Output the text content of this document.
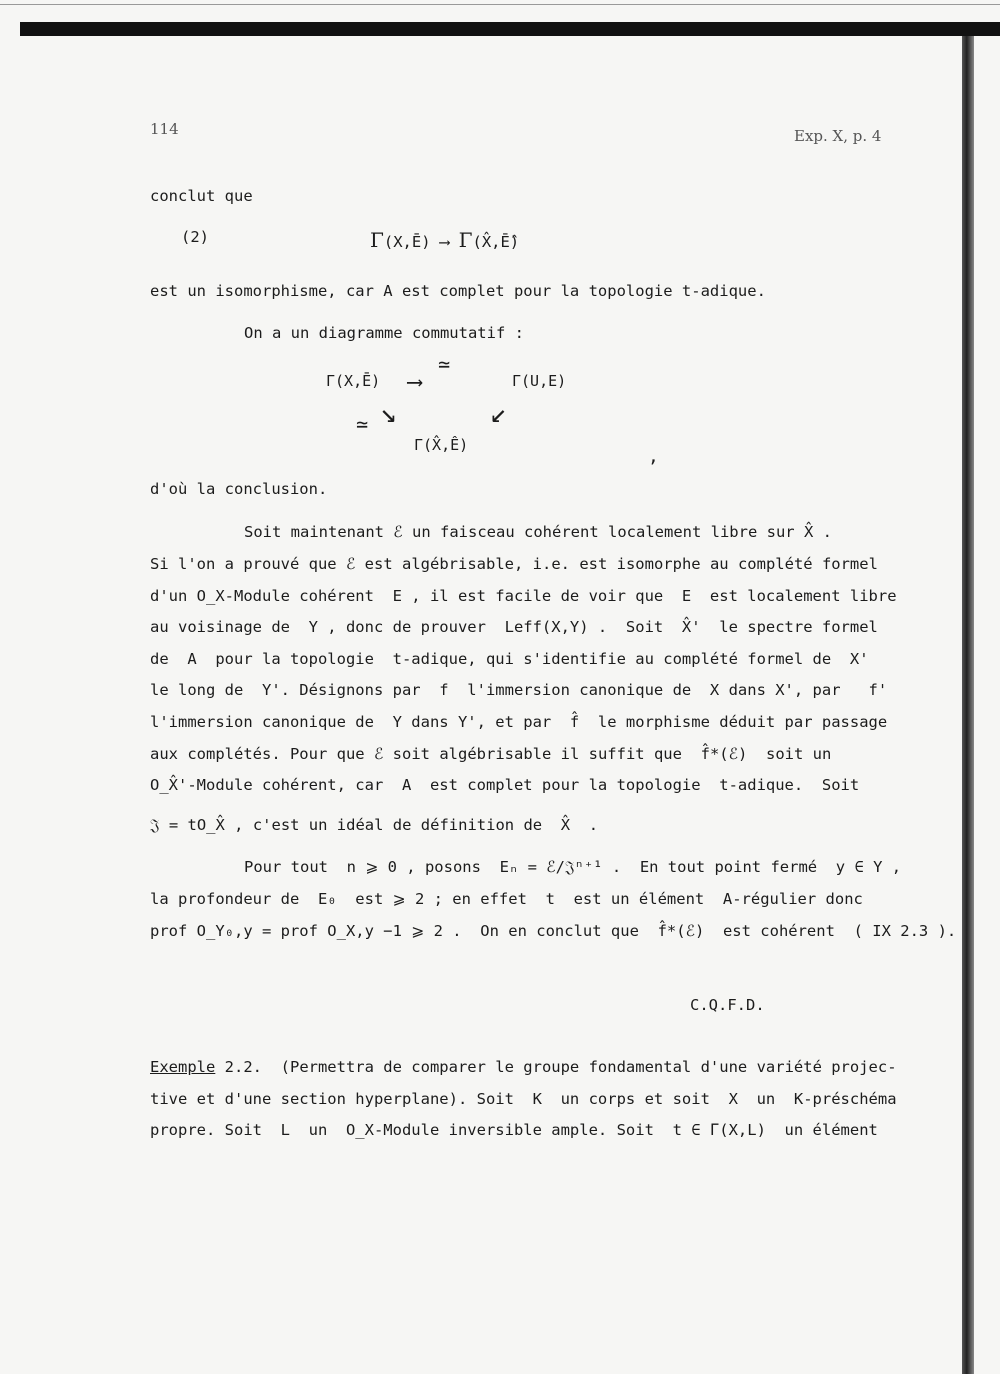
114	Exp. X, p. 4
conclut que
(2)	Γ(X,Ē) ⟶ Γ(X̂,Ē̂)
est un isomorphisme, car A est complet pour la topologie t-adique.
On a un diagramme commutatif :
Γ(X,Ē)
≃
⟶	Γ(U,E)
↘	↙
≃
Γ(X̂,Ê)
,
d'où la conclusion.
Soit maintenant ℰ un faisceau cohérent localement libre sur X̂ .
Si l'on a prouvé que ℰ est algébrisable, i.e. est isomorphe au complété formel
d'un O_X-Module cohérent  E , il est facile de voir que  E  est localement libre
au voisinage de  Y , donc de prouver  Leff(X,Y) .  Soit  X̂'  le spectre formel
de  A  pour la topologie  t-adique, qui s'identifie au complété formel de  X'
le long de  Y'. Désignons par  f  l'immersion canonique de  X dans X', par   f'
l'immersion canonique de  Y dans Y', et par  f̂  le morphisme déduit par passage
aux complétés. Pour que ℰ soit algébrisable il suffit que  f̂*(ℰ)  soit un
O_X̂'-Module cohérent, car  A  est complet pour la topologie  t-adique.  Soit
𝔍 = tO_X̂ , c'est un idéal de définition de  X̂  .
Pour tout  n ⩾ 0 , posons  Eₙ = ℰ/𝔍ⁿ⁺¹ .  En tout point fermé  y ∈ Y ,
la profondeur de  E₀  est ⩾ 2 ; en effet  t  est un élément  A-régulier donc
prof O_Y₀,y = prof O_X,y −1 ⩾ 2 .  On en conclut que  f̂*(ℰ)  est cohérent  ( IX 2.3 ).
C.Q.F.D.
Exemple 2.2.  (Permettra de comparer le groupe fondamental d'une variété projec-
tive et d'une section hyperplane). Soit  K  un corps et soit  X  un  K-préschéma
propre. Soit  L  un  O_X-Module inversible ample. Soit  t ∈ Γ(X,L)  un élément
